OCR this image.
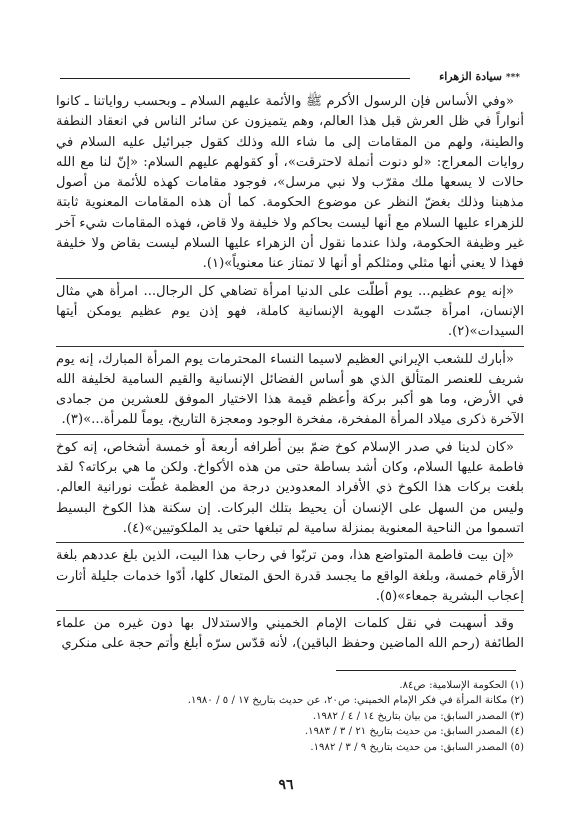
*** سيادة الزهراء

«وفي الأساس فإن الرسول الأكرم ﷺ والأئمة عليهم السلام ـ وبحسب رواياتنا ـ كانوا أنواراً في ظل العرش قبل هذا العالم، وهم يتميزون عن سائر الناس في انعقاد النطفة والطينة، ولهم من المقامات إلى ما شاء الله وذلك كقول جبرائيل عليه السلام في روايات المعراج: «لو دنوت أنملة لاحترقت»، أو كقولهم عليهم السلام: «إنّ لنا مع الله حالات لا يسعها ملك مقرّب ولا نبي مرسل»، فوجود مقامات كهذه للأئمة من أصول مذهبنا وذلك بغضّ النظر عن موضوع الحكومة. كما أن هذه المقامات المعنوية ثابتة للزهراء عليها السلام مع أنها ليست بحاكم ولا خليفة ولا قاض، فهذه المقامات شيء آخر غير وظيفة الحكومة، ولذا عندما نقول أن الزهراء عليها السلام ليست بقاض ولا خليفة فهذا لا يعني أنها مثلي ومثلكم أو أنها لا تمتاز عنا معنوياً»(١).

«إنه يوم عظيم... يوم أطلّت على الدنيا امرأة تضاهي كل الرجال... امرأة هي مثال الإنسان، امرأة جسّدت الهوية الإنسانية كاملة، فهو إذن يوم عظيم يومكن أيتها السيدات»(٢).

«أبارك للشعب الإيراني العظيم لاسيما النساء المحترمات يوم المرأة المبارك، إنه يوم شريف للعنصر المتألق الذي هو أساس الفضائل الإنسانية والقيم السامية لخليفة الله في الأرض، وما هو أكبر بركة وأعظم قيمة هذا الاختيار الموفق للعشرين من جمادى الآخرة ذكرى ميلاد المرأة المفخرة، مفخرة الوجود ومعجزة التاريخ، يوماً للمرأة...»(٣).

«كان لدينا في صدر الإسلام كوخ ضمّ بين أطرافه أربعة أو خمسة أشخاص، إنه كوخ فاطمة عليها السلام، وكان أشد بساطة حتى من هذه الأكواخ. ولكن ما هي بركاته؟ لقد بلغت بركات هذا الكوخ ذي الأفراد المعدودين درجة من العظمة غطّت نورانية العالم. وليس من السهل على الإنسان أن يحيط بتلك البركات. إن سكنة هذا الكوخ البسيط اتسموا من الناحية المعنوية بمنزلة سامية لم تبلغها حتى يد الملكوتيين»(٤).

«إن بيت فاطمة المتواضع هذا، ومن تربّوا في رحاب هذا البيت، الذين بلغ عددهم بلغة الأرقام خمسة، وبلغة الواقع ما يجسد قدرة الحق المتعال كلها، أدّوا خدمات جليلة أثارت إعجاب البشرية جمعاء»(٥).

وقد أسهبت في نقل كلمات الإمام الخميني والاستدلال بها دون غيره من علماء الطائفة (رحم الله الماضين وحفظ الباقين)، لأنه قدّس سرّه أبلغ وأتم حجة على منكري

(١) الحكومة الإسلامية: ص٨٤.
(٢) مكانة المرأة في فكر الإمام الخميني: ص٢٠، عن حديث بتاريخ ١٧ / ٥ / ١٩٨٠.
(٣) المصدر السابق: من بيان بتاريخ ١٤ / ٤ / ١٩٨٢.
(٤) المصدر السابق: من حديث بتاريخ ٢١ / ٣ / ١٩٨٣.
(٥) المصدر السابق: من حديث بتاريخ ٩ / ٣ / ١٩٨٢.
٩٦
